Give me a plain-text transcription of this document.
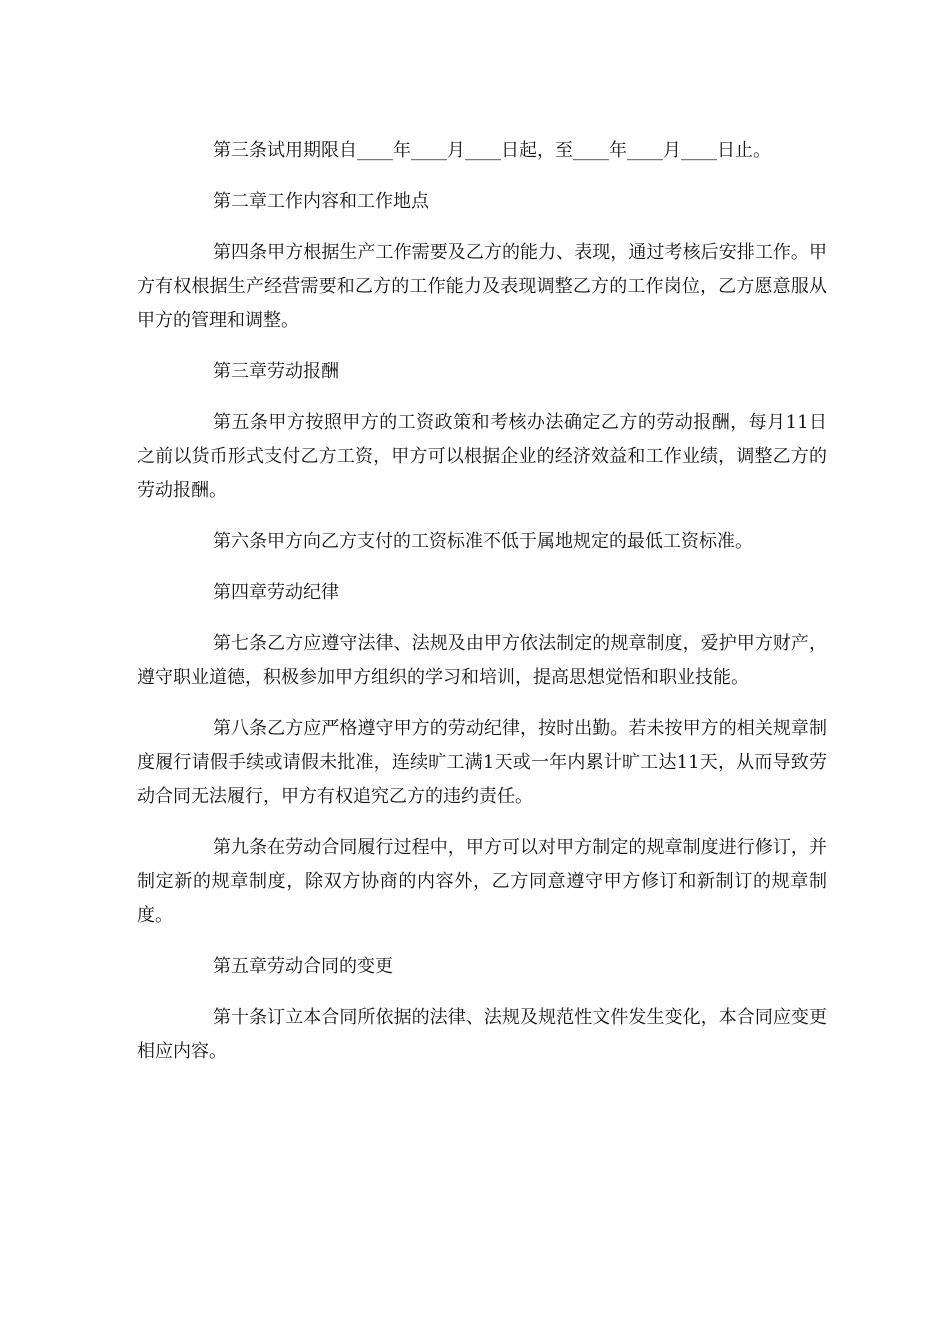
第三条试用期限自____年____月____日起，至____年____月____日止。

第二章工作内容和工作地点

第四条甲方根据生产工作需要及乙方的能力、表现，通过考核后安排工作。甲方有权根据生产经营需要和乙方的工作能力及表现调整乙方的工作岗位，乙方愿意服从甲方的管理和调整。

第三章劳动报酬

第五条甲方按照甲方的工资政策和考核办法确定乙方的劳动报酬，每月11日之前以货币形式支付乙方工资，甲方可以根据企业的经济效益和工作业绩，调整乙方的劳动报酬。

第六条甲方向乙方支付的工资标准不低于属地规定的最低工资标准。

第四章劳动纪律

第七条乙方应遵守法律、法规及由甲方依法制定的规章制度，爱护甲方财产，遵守职业道德，积极参加甲方组织的学习和培训，提高思想觉悟和职业技能。

第八条乙方应严格遵守甲方的劳动纪律，按时出勤。若未按甲方的相关规章制度履行请假手续或请假未批准，连续旷工满1天或一年内累计旷工达11天，从而导致劳动合同无法履行，甲方有权追究乙方的违约责任。

第九条在劳动合同履行过程中，甲方可以对甲方制定的规章制度进行修订，并制定新的规章制度，除双方协商的内容外，乙方同意遵守甲方修订和新制订的规章制度。

第五章劳动合同的变更

第十条订立本合同所依据的法律、法规及规范性文件发生变化，本合同应变更相应内容。
